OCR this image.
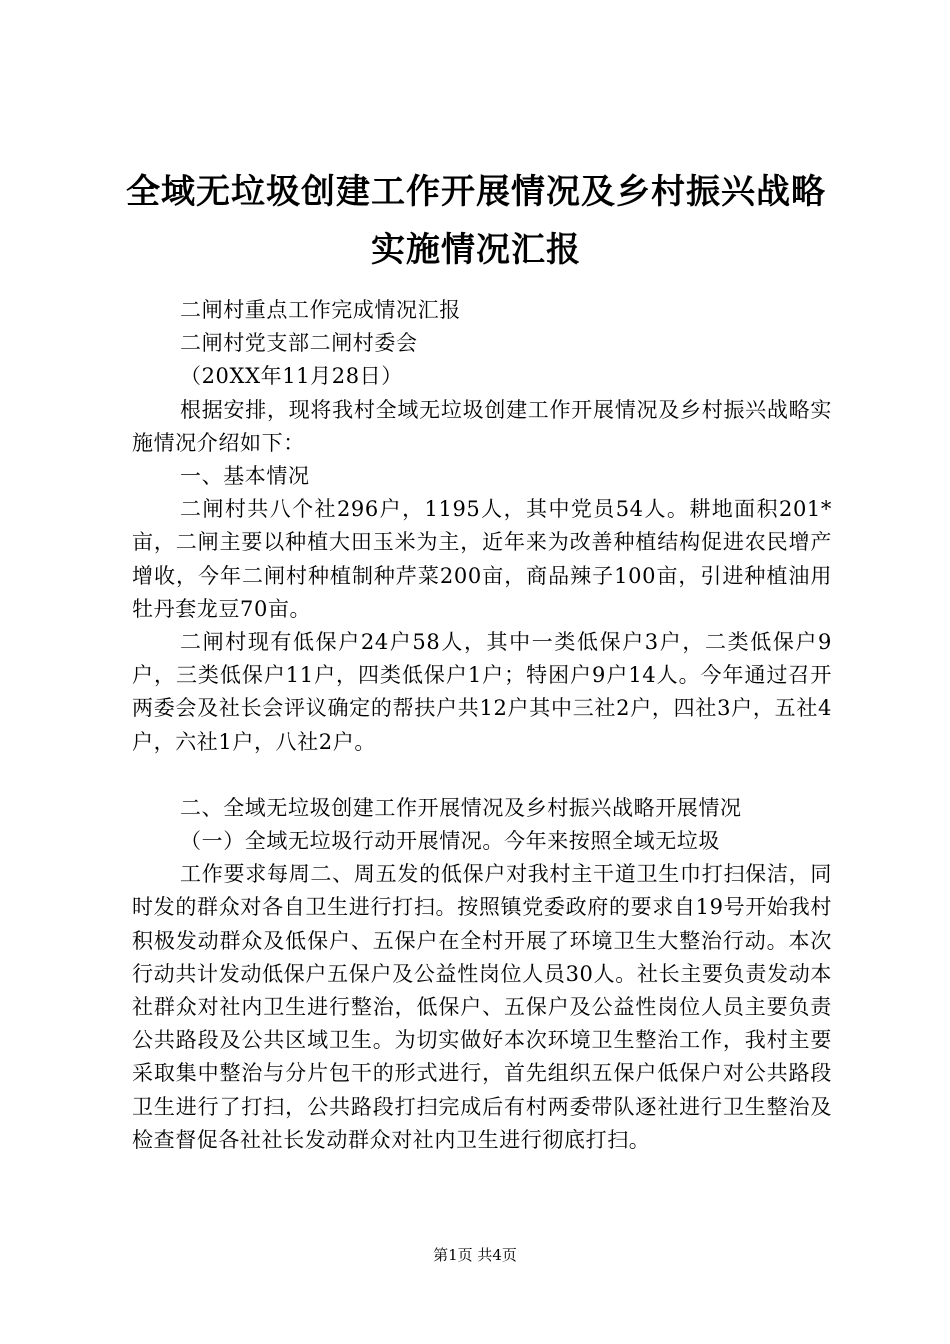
全域无垃圾创建工作开展情况及乡村振兴战略
实施情况汇报

二闸村重点工作完成情况汇报

二闸村党支部二闸村委会

（20XX年11月28日）

根据安排，现将我村全域无垃圾创建工作开展情况及乡村振兴战略实施情况介绍如下：

一、基本情况

二闸村共八个社296户，1195人，其中党员54人。耕地面积201*亩，二闸主要以种植大田玉米为主，近年来为改善种植结构促进农民增产增收，今年二闸村种植制种芹菜200亩，商品辣子100亩，引进种植油用牡丹套龙豆70亩。

二闸村现有低保户24户58人，其中一类低保户3户，二类低保户9户，三类低保户11户，四类低保户1户；特困户9户14人。今年通过召开两委会及社长会评议确定的帮扶户共12户其中三社2户，四社3户，五社4户，六社1户，八社2户。

二、全域无垃圾创建工作开展情况及乡村振兴战略开展情况

（一）全域无垃圾行动开展情况。今年来按照全域无垃圾

工作要求每周二、周五发的低保户对我村主干道卫生巾打扫保洁，同时发的群众对各自卫生进行打扫。按照镇党委政府的要求自19号开始我村积极发动群众及低保户、五保户在全村开展了环境卫生大整治行动。本次行动共计发动低保户五保户及公益性岗位人员30人。社长主要负责发动本社群众对社内卫生进行整治，低保户、五保户及公益性岗位人员主要负责公共路段及公共区域卫生。为切实做好本次环境卫生整治工作，我村主要采取集中整治与分片包干的形式进行，首先组织五保户低保户对公共路段卫生进行了打扫，公共路段打扫完成后有村两委带队逐社进行卫生整治及检查督促各社社长发动群众对社内卫生进行彻底打扫。

第1页 共4页
